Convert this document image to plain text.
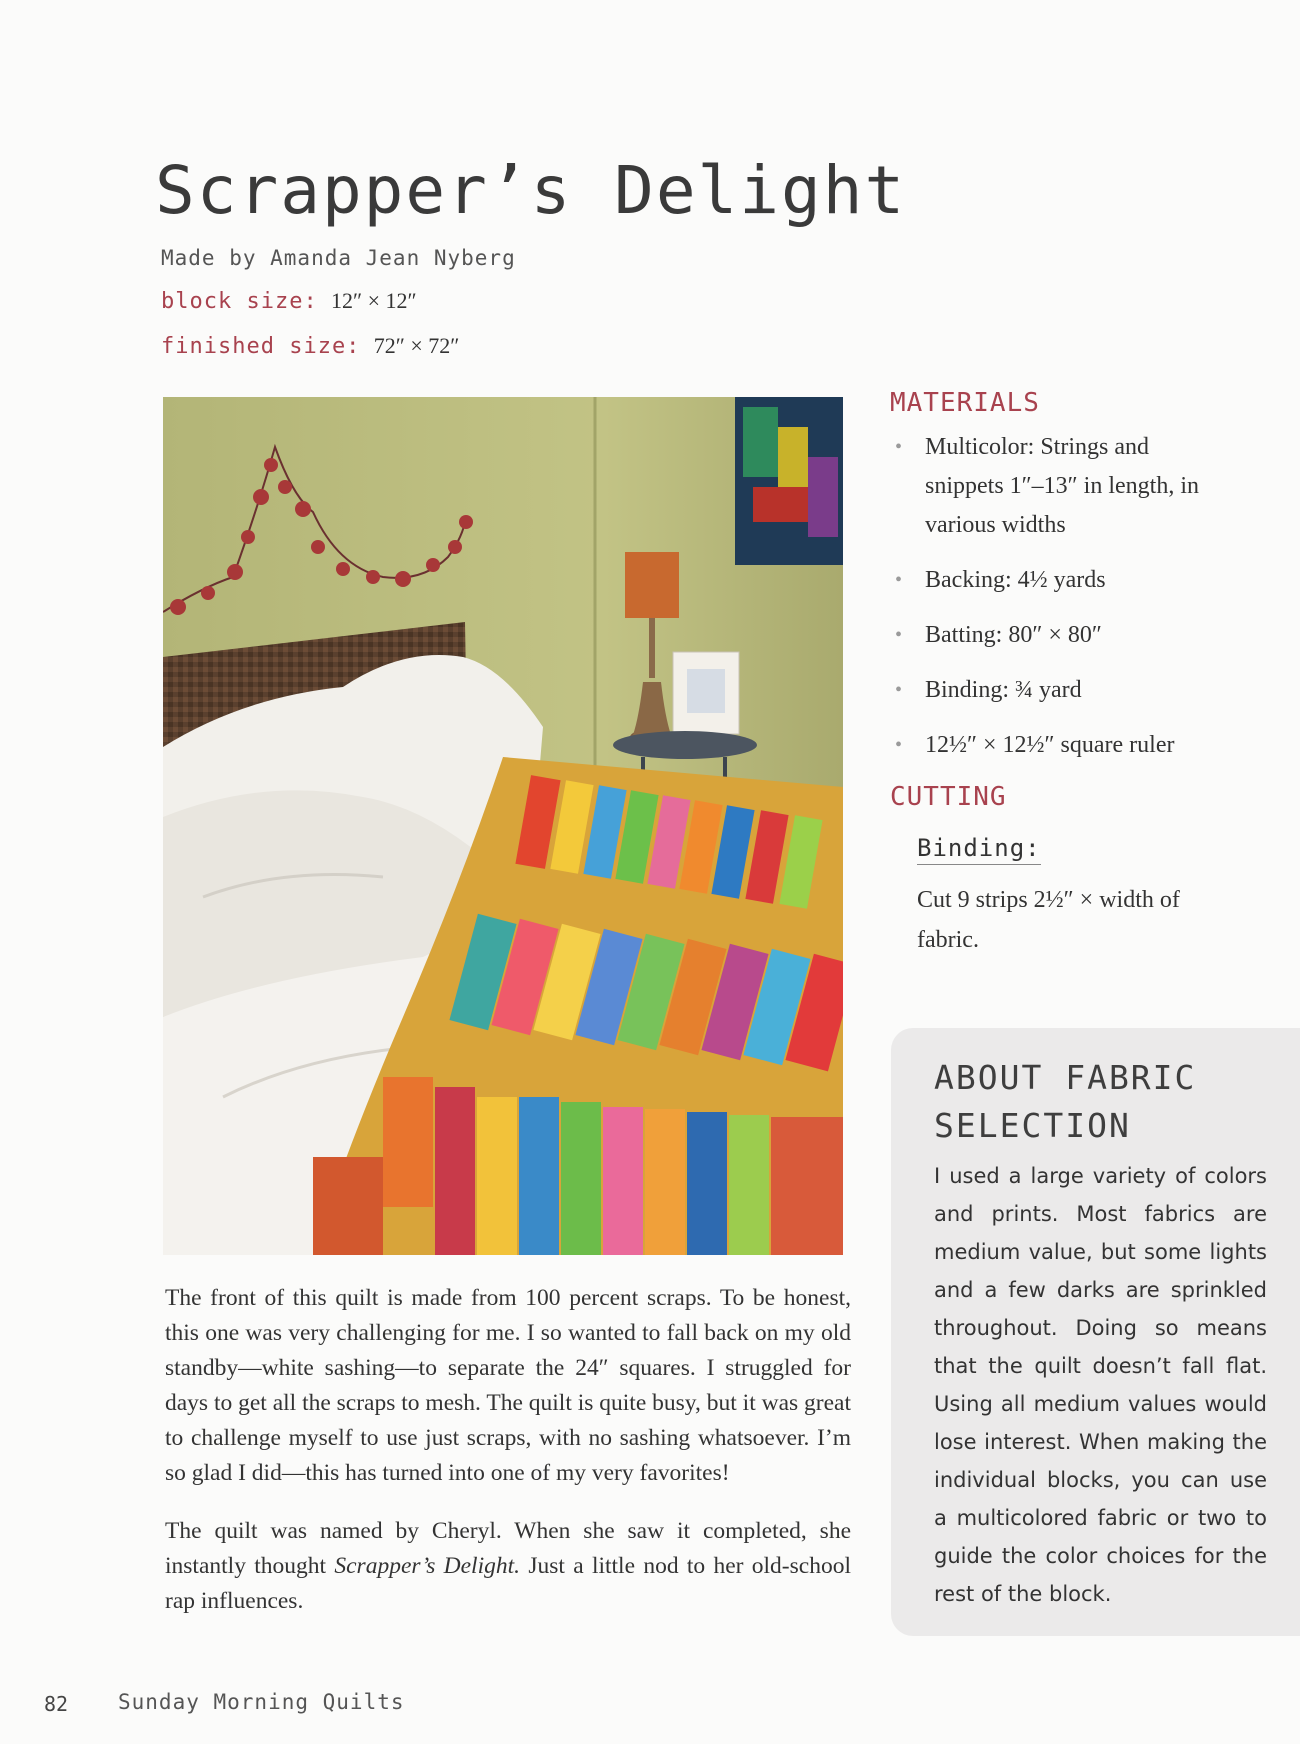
Scrapper’s Delight
Made by Amanda Jean Nyberg
block size: 12″ × 12″
finished size: 72″ × 72″

The front of this quilt is made from 100 percent scraps. To be honest, this one was very challenging for me. I so wanted to fall back on my old standby—white sashing—to separate the 24″ squares. I struggled for days to get all the scraps to mesh. The quilt is quite busy, but it was great to challenge myself to use just scraps, with no sashing whatsoever. I’m so glad I did—this has turned into one of my very favorites!

The quilt was named by Cheryl. When she saw it completed, she instantly thought Scrapper’s Delight. Just a little nod to her old-school rap influences.

MATERIALS
• Multicolor: Strings and snippets 1″–13″ in length, in various widths
• Backing: 4½ yards
• Batting: 80″ × 80″
• Binding: ¾ yard
• 12½″ × 12½″ square ruler
CUTTING
Binding:

Cut 9 strips 2½″ × width of fabric.

ABOUT FABRIC SELECTION

I used a large variety of colors and prints. Most fabrics are medium value, but some lights and a few darks are sprinkled throughout. Doing so means that the quilt doesn’t fall flat. Using all medium values would lose interest. When making the individual blocks, you can use a multicolored fabric or two to guide the color choices for the rest of the block.

82 Sunday Morning Quilts
